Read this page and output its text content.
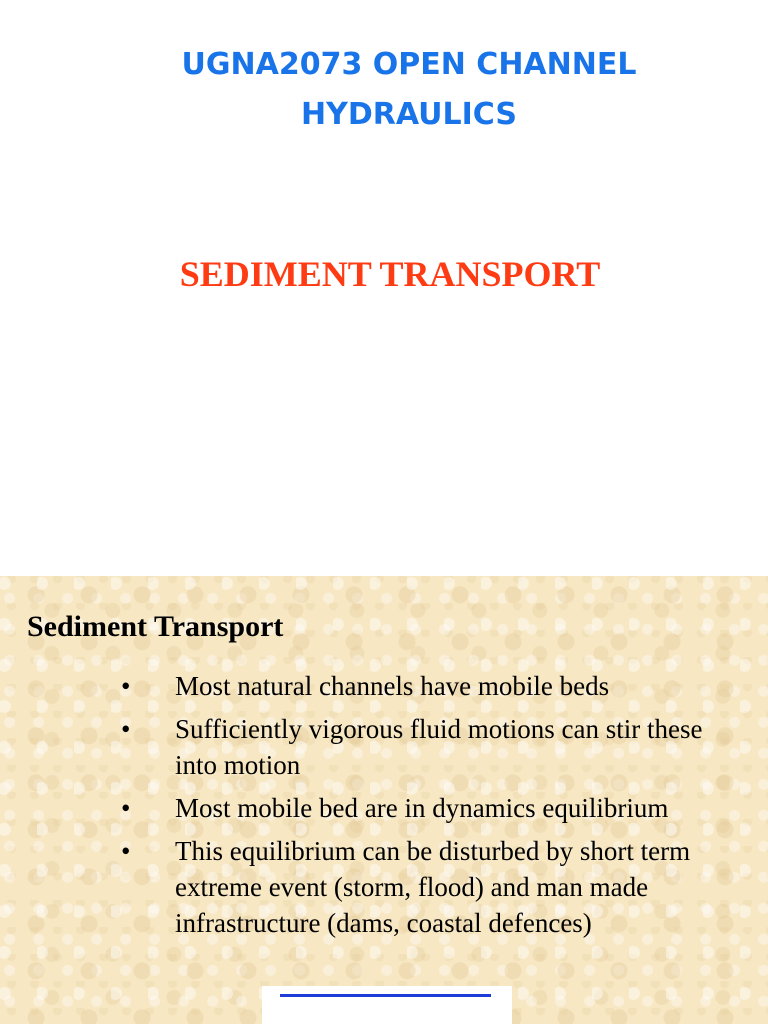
UGNA2073 OPEN CHANNEL
HYDRAULICS
SEDIMENT TRANSPORT
Sediment Transport
• Most natural channels have mobile beds
• Sufficiently vigorous fluid motions can stir these into motion
• Most mobile bed are in dynamics equilibrium
• This equilibrium can be disturbed by short term extreme event (storm, flood) and man made infrastructure (dams, coastal defences)
